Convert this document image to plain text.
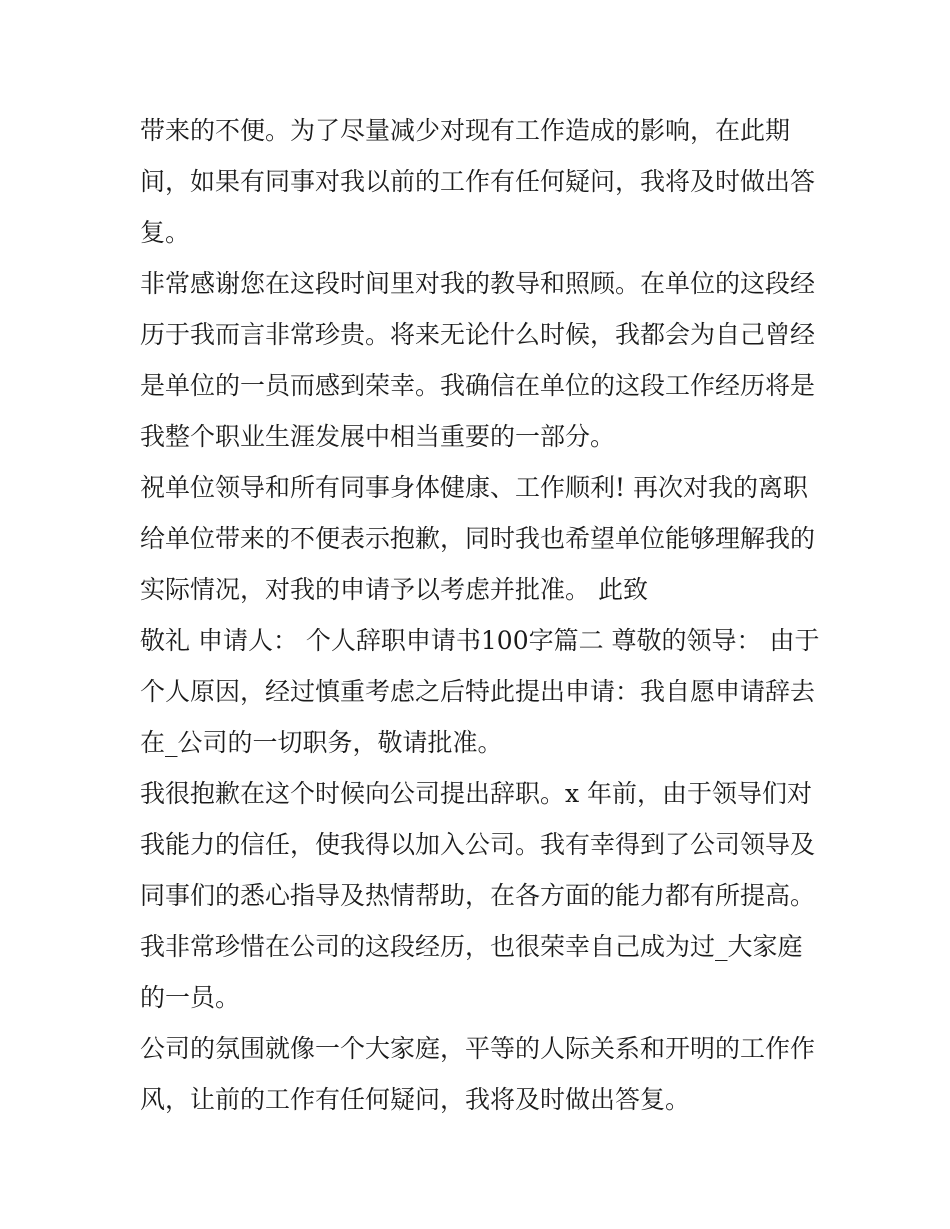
带来的不便。为了尽量减少对现有工作造成的影响，在此期
间，如果有同事对我以前的工作有任何疑问，我将及时做出答
复。
非常感谢您在这段时间里对我的教导和照顾。在单位的这段经
历于我而言非常珍贵。将来无论什么时候，我都会为自己曾经
是单位的一员而感到荣幸。我确信在单位的这段工作经历将是
我整个职业生涯发展中相当重要的一部分。
祝单位领导和所有同事身体健康、工作顺利! 再次对我的离职
给单位带来的不便表示抱歉，同时我也希望单位能够理解我的
实际情况，对我的申请予以考虑并批准。 此致
敬礼 申请人： 个人辞职申请书100字篇二 尊敬的领导： 由于
个人原因，经过慎重考虑之后特此提出申请：我自愿申请辞去
在_公司的一切职务，敬请批准。
我很抱歉在这个时候向公司提出辞职。x 年前，由于领导们对
我能力的信任，使我得以加入公司。我有幸得到了公司领导及
同事们的悉心指导及热情帮助，在各方面的能力都有所提高。
我非常珍惜在公司的这段经历，也很荣幸自己成为过_大家庭
的一员。
公司的氛围就像一个大家庭，平等的人际关系和开明的工作作
风，让前的工作有任何疑问，我将及时做出答复。
